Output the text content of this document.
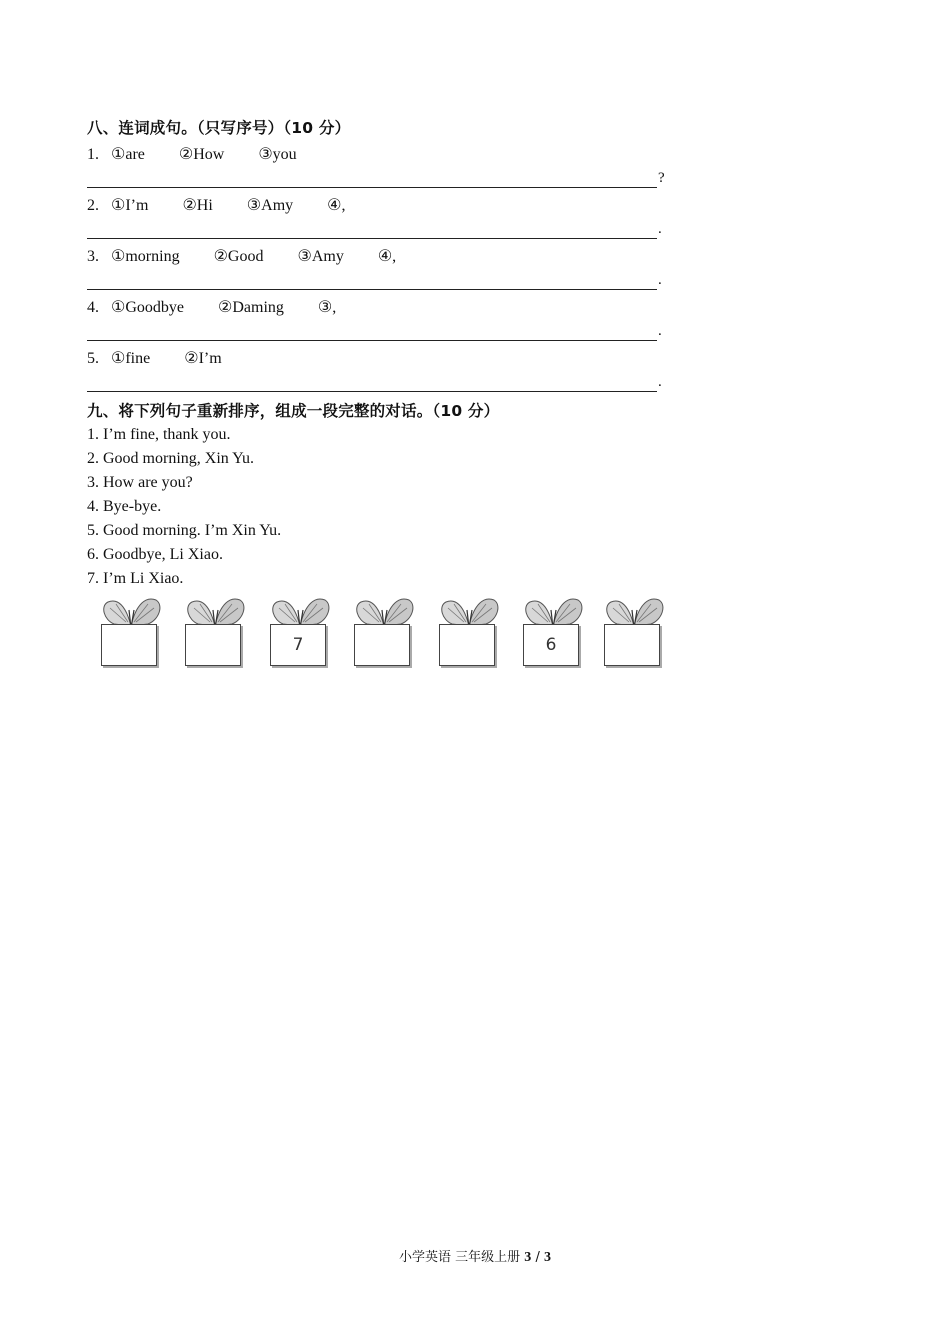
八、连词成句。（只写序号）（10 分）
1. ①are ②How ③you
?
2. ①I’m ②Hi ③Amy ④,
.
3. ①morning ②Good ③Amy ④,
.
4. ①Goodbye ②Daming ③,
.
5. ①fine ②I’m
.
九、将下列句子重新排序，组成一段完整的对话。（10 分）
1. I’m fine, thank you.
2. Good morning, Xin Yu.
3. How are you?
4. Bye-bye.
5. Good morning. I’m Xin Yu.
6. Goodbye, Li Xiao.
7. I’m Li Xiao.
7	6
小学英语 三年级上册 3 / 3
